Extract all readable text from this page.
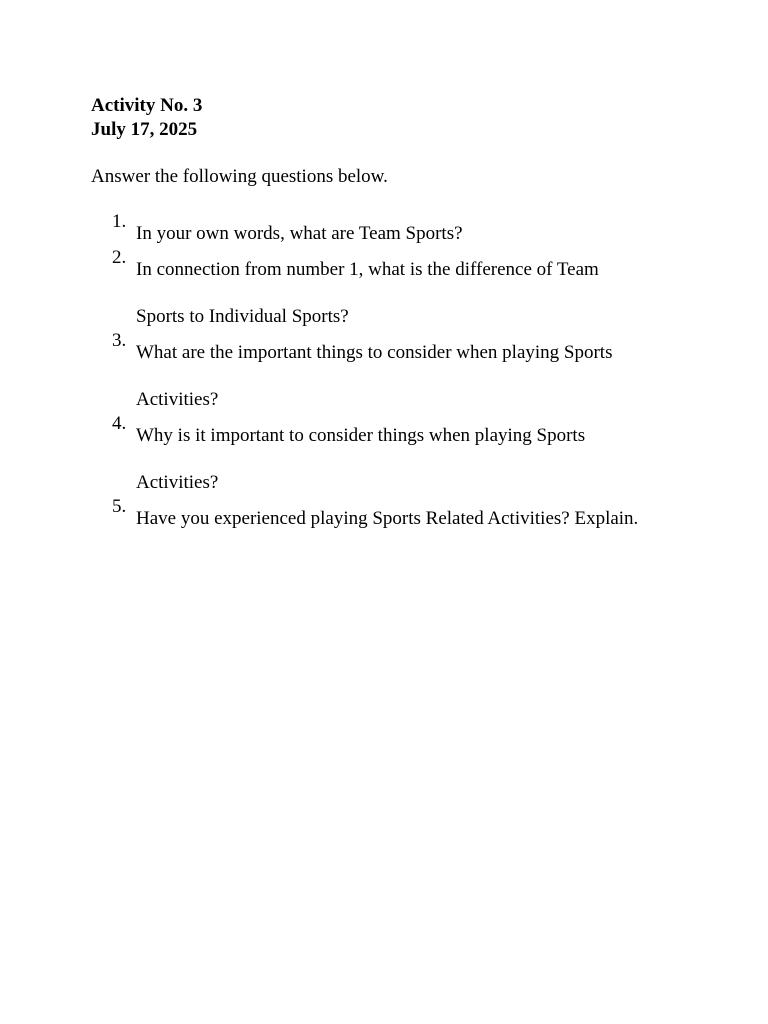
Activity No. 3
July 17, 2025
Answer the following questions below.
1.
In your own words, what are Team Sports?
2.
In connection from number 1, what is the difference of Team
Sports to Individual Sports?
3.
What are the important things to consider when playing Sports
Activities?
4.
Why is it important to consider things when playing Sports
Activities?
5.
Have you experienced playing Sports Related Activities? Explain.
